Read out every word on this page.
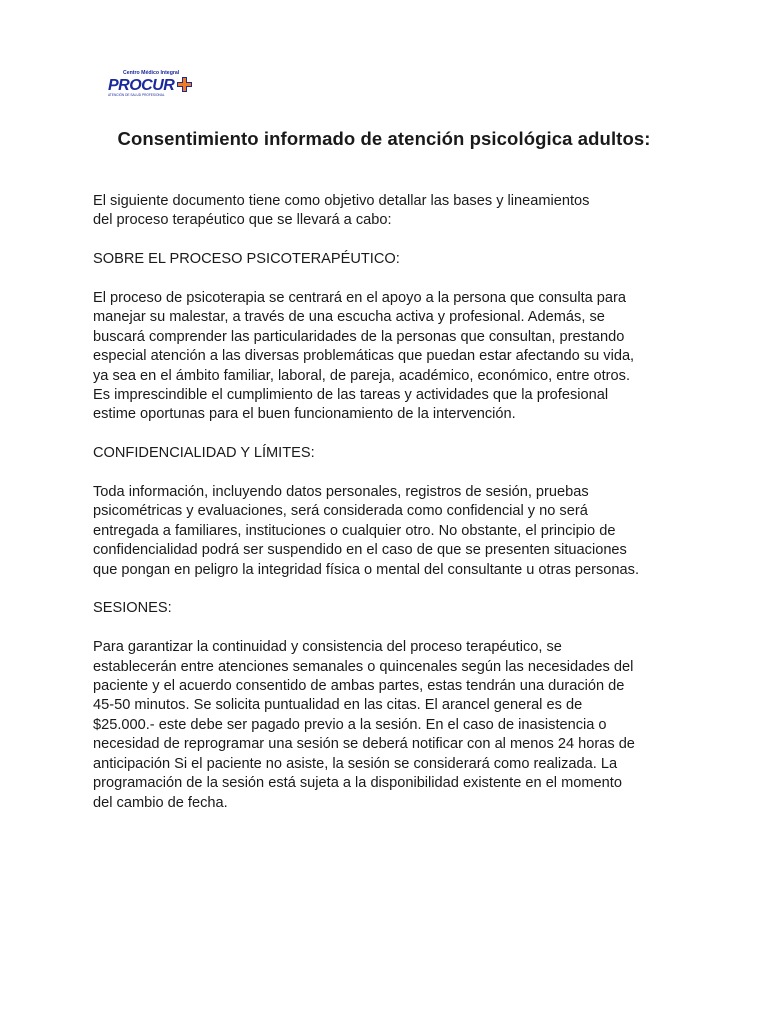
Centro Médico Integral
PROCUR
ATENCIÓN DE SALUD PROFESIONAL
Consentimiento informado de atención psicológica adultos:

El siguiente documento tiene como objetivo detallar las bases y lineamientos
del proceso terapéutico que se llevará a cabo:

SOBRE EL PROCESO PSICOTERAPÉUTICO:

El proceso de psicoterapia se centrará en el apoyo a la persona que consulta para
manejar su malestar, a través de una escucha activa y profesional. Además, se
buscará comprender las particularidades de la personas que consultan, prestando
especial atención a las diversas problemáticas que puedan estar afectando su vida,
ya sea en el ámbito familiar, laboral, de pareja, académico, económico, entre otros.
Es imprescindible el cumplimiento de las tareas y actividades que la profesional
estime oportunas para el buen funcionamiento de la intervención.

CONFIDENCIALIDAD Y LÍMITES:

Toda información, incluyendo datos personales, registros de sesión, pruebas
psicométricas y evaluaciones, será considerada como confidencial y no será
entregada a familiares, instituciones o cualquier otro. No obstante, el principio de
confidencialidad podrá ser suspendido en el caso de que se presenten situaciones
que pongan en peligro la integridad física o mental del consultante u otras personas.

SESIONES:

Para garantizar la continuidad y consistencia del proceso terapéutico, se
establecerán entre atenciones semanales o quincenales según las necesidades del
paciente y el acuerdo consentido de ambas partes, estas tendrán una duración de
45-50 minutos. Se solicita puntualidad en las citas. El arancel general es de
$25.000.- este debe ser pagado previo a la sesión. En el caso de inasistencia o
necesidad de reprogramar una sesión se deberá notificar con al menos 24 horas de
anticipación Si el paciente no asiste, la sesión se considerará como realizada. La
programación de la sesión está sujeta a la disponibilidad existente en el momento
del cambio de fecha.
